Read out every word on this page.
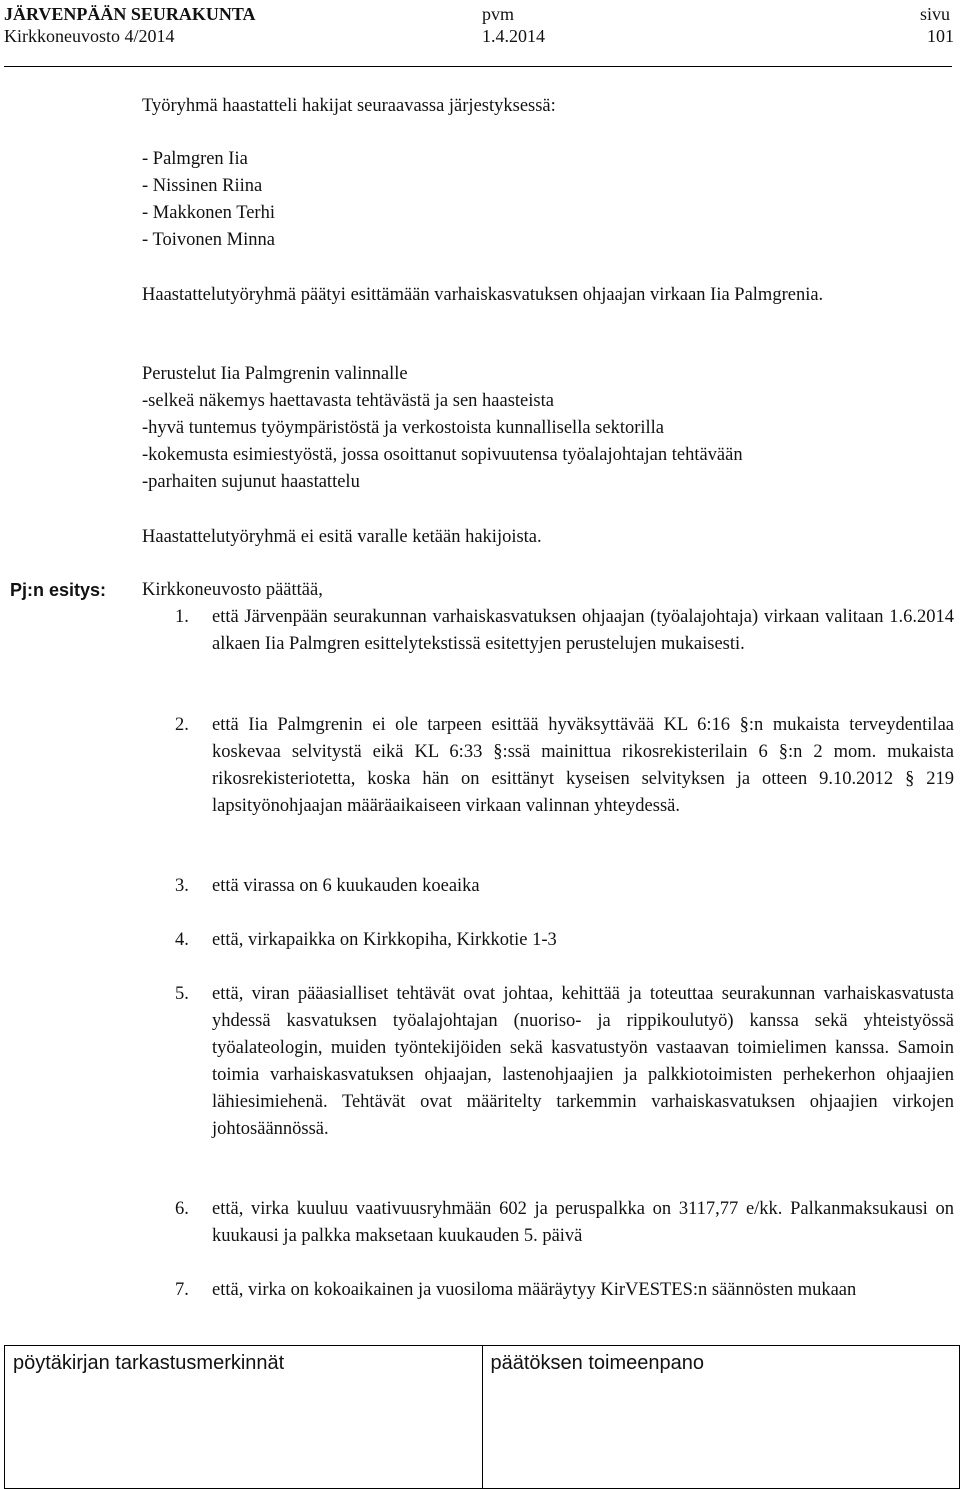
JÄRVENPÄÄN SEURAKUNTA
Kirkkoneuvosto 4/2014
pvm
1.4.2014
sivu
101
Työryhmä haastatteli hakijat seuraavassa järjestyksessä:
- Palmgren Iia
- Nissinen Riina
- Makkonen Terhi
- Toivonen Minna
Haastattelutyöryhmä päätyi esittämään varhaiskasvatuksen ohjaajan virkaan Iia Palmgrenia.
Perustelut Iia Palmgrenin valinnalle
-selkeä näkemys haettavasta tehtävästä ja sen haasteista
-hyvä tuntemus työympäristöstä ja verkostoista kunnallisella sektorilla
-kokemusta esimiestyöstä, jossa osoittanut sopivuutensa työalajohtajan tehtävään
-parhaiten sujunut haastattelu
Haastattelutyöryhmä ei esitä varalle ketään hakijoista.
Pj:n esitys: Kirkkoneuvosto päättää,
1. että Järvenpään seurakunnan varhaiskasvatuksen ohjaajan (työalajohtaja) virkaan valitaan 1.6.2014 alkaen Iia Palmgren esittelytekstissä esitettyjen perustelujen mukaisesti.
2. että Iia Palmgrenin ei ole tarpeen esittää hyväksyttävää KL 6:16 §:n mukaista terveydentilaa koskevaa selvitystä eikä KL 6:33 §:ssä mainittua rikosrekisterilain 6 §:n 2 mom. mukaista rikosrekisteriotetta, koska hän on esittänyt kyseisen selvityksen ja otteen 9.10.2012 § 219 lapsityönohjaajan määräaikaiseen virkaan valinnan yhteydessä.
3. että virassa on 6 kuukauden koeaika
4. että, virkapaikka on Kirkkopiha, Kirkkotie 1-3
5. että, viran pääasialliset tehtävät ovat johtaa, kehittää ja toteuttaa seurakunnan varhaiskasvatusta yhdessä kasvatuksen työalajohtajan (nuoriso- ja rippikoulutyö) kanssa sekä yhteistyössä työalateologin, muiden työntekijöiden sekä kasvatustyön vastaavan toimielimen kanssa. Samoin toimia varhaiskasvatuksen ohjaajan, lastenohjaajien ja palkkiotoimisten perhekerhon ohjaajien lähiesimiehenä. Tehtävät ovat määritelty tarkemmin varhaiskasvatuksen ohjaajien virkojen johtosäännössä.
6. että, virka kuuluu vaativuusryhmään 602 ja peruspalkka on 3117,77 e/kk. Palkanmaksukausi on kuukausi ja palkka maksetaan kuukauden 5. päivä
7. että, virka on kokoaikainen ja vuosiloma määräytyy KirVESTES:n säännösten mukaan
pöytäkirjan tarkastusmerkinnät	päätöksen toimeenpano
